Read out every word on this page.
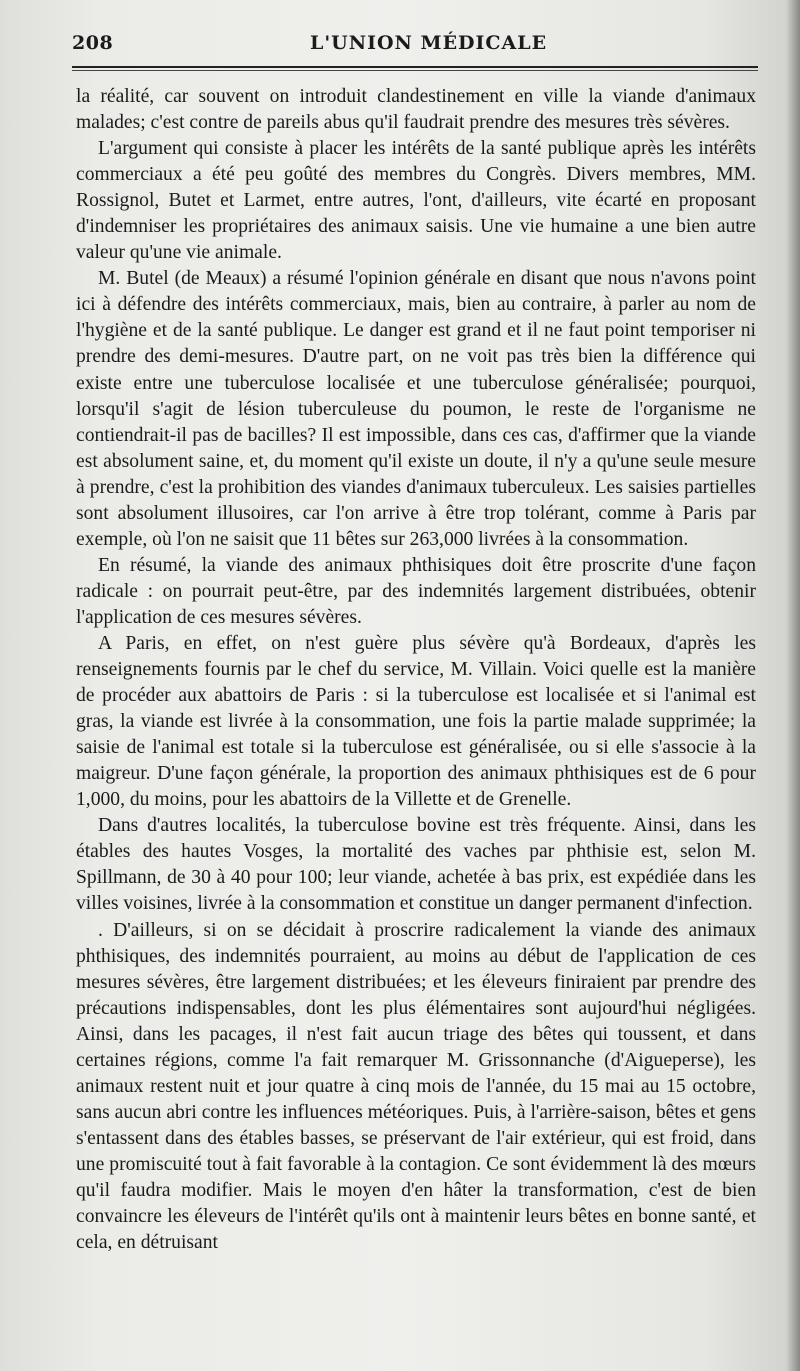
208	L'UNION MÉDICALE

la réalité, car souvent on introduit clandestinement en ville la viande d'animaux malades; c'est contre de pareils abus qu'il faudrait prendre des mesures très sévères.

L'argument qui consiste à placer les intérêts de la santé publique après les intérêts commerciaux a été peu goûté des membres du Congrès. Divers membres, MM. Rossignol, Butet et Larmet, entre autres, l'ont, d'ailleurs, vite écarté en proposant d'indemniser les propriétaires des animaux saisis. Une vie humaine a une bien autre valeur qu'une vie animale.

M. Butel (de Meaux) a résumé l'opinion générale en disant que nous n'avons point ici à défendre des intérêts commerciaux, mais, bien au contraire, à parler au nom de l'hygiène et de la santé publique. Le danger est grand et il ne faut point temporiser ni prendre des demi-mesures. D'autre part, on ne voit pas très bien la différence qui existe entre une tuberculose localisée et une tuberculose généralisée; pourquoi, lorsqu'il s'agit de lésion tuberculeuse du poumon, le reste de l'organisme ne contiendrait-il pas de bacilles? Il est impossible, dans ces cas, d'affirmer que la viande est absolument saine, et, du moment qu'il existe un doute, il n'y a qu'une seule mesure à prendre, c'est la prohibition des viandes d'animaux tuberculeux. Les saisies partielles sont absolument illusoires, car l'on arrive à être trop tolérant, comme à Paris par exemple, où l'on ne saisit que 11 bêtes sur 263,000 livrées à la consommation.

En résumé, la viande des animaux phthisiques doit être proscrite d'une façon radicale : on pourrait peut-être, par des indemnités largement distribuées, obtenir l'application de ces mesures sévères.

A Paris, en effet, on n'est guère plus sévère qu'à Bordeaux, d'après les renseignements fournis par le chef du service, M. Villain. Voici quelle est la manière de procéder aux abattoirs de Paris : si la tuberculose est localisée et si l'animal est gras, la viande est livrée à la consommation, une fois la partie malade supprimée; la saisie de l'animal est totale si la tuberculose est généralisée, ou si elle s'associe à la maigreur. D'une façon générale, la proportion des animaux phthisiques est de 6 pour 1,000, du moins, pour les abattoirs de la Villette et de Grenelle.

Dans d'autres localités, la tuberculose bovine est très fréquente. Ainsi, dans les étables des hautes Vosges, la mortalité des vaches par phthisie est, selon M. Spillmann, de 30 à 40 pour 100; leur viande, achetée à bas prix, est expédiée dans les villes voisines, livrée à la consommation et constitue un danger permanent d'infection.

. D'ailleurs, si on se décidait à proscrire radicalement la viande des animaux phthisiques, des indemnités pourraient, au moins au début de l'application de ces mesures sévères, être largement distribuées; et les éleveurs finiraient par prendre des précautions indispensables, dont les plus élémentaires sont aujourd'hui négligées. Ainsi, dans les pacages, il n'est fait aucun triage des bêtes qui toussent, et dans certaines régions, comme l'a fait remarquer M. Grissonnanche (d'Aigueperse), les animaux restent nuit et jour quatre à cinq mois de l'année, du 15 mai au 15 octobre, sans aucun abri contre les influences météoriques. Puis, à l'arrière-saison, bêtes et gens s'entassent dans des étables basses, se préservant de l'air extérieur, qui est froid, dans une promiscuité tout à fait favorable à la contagion. Ce sont évidemment là des mœurs qu'il faudra modifier. Mais le moyen d'en hâter la transformation, c'est de bien convaincre les éleveurs de l'intérêt qu'ils ont à maintenir leurs bêtes en bonne santé, et cela, en détruisant
